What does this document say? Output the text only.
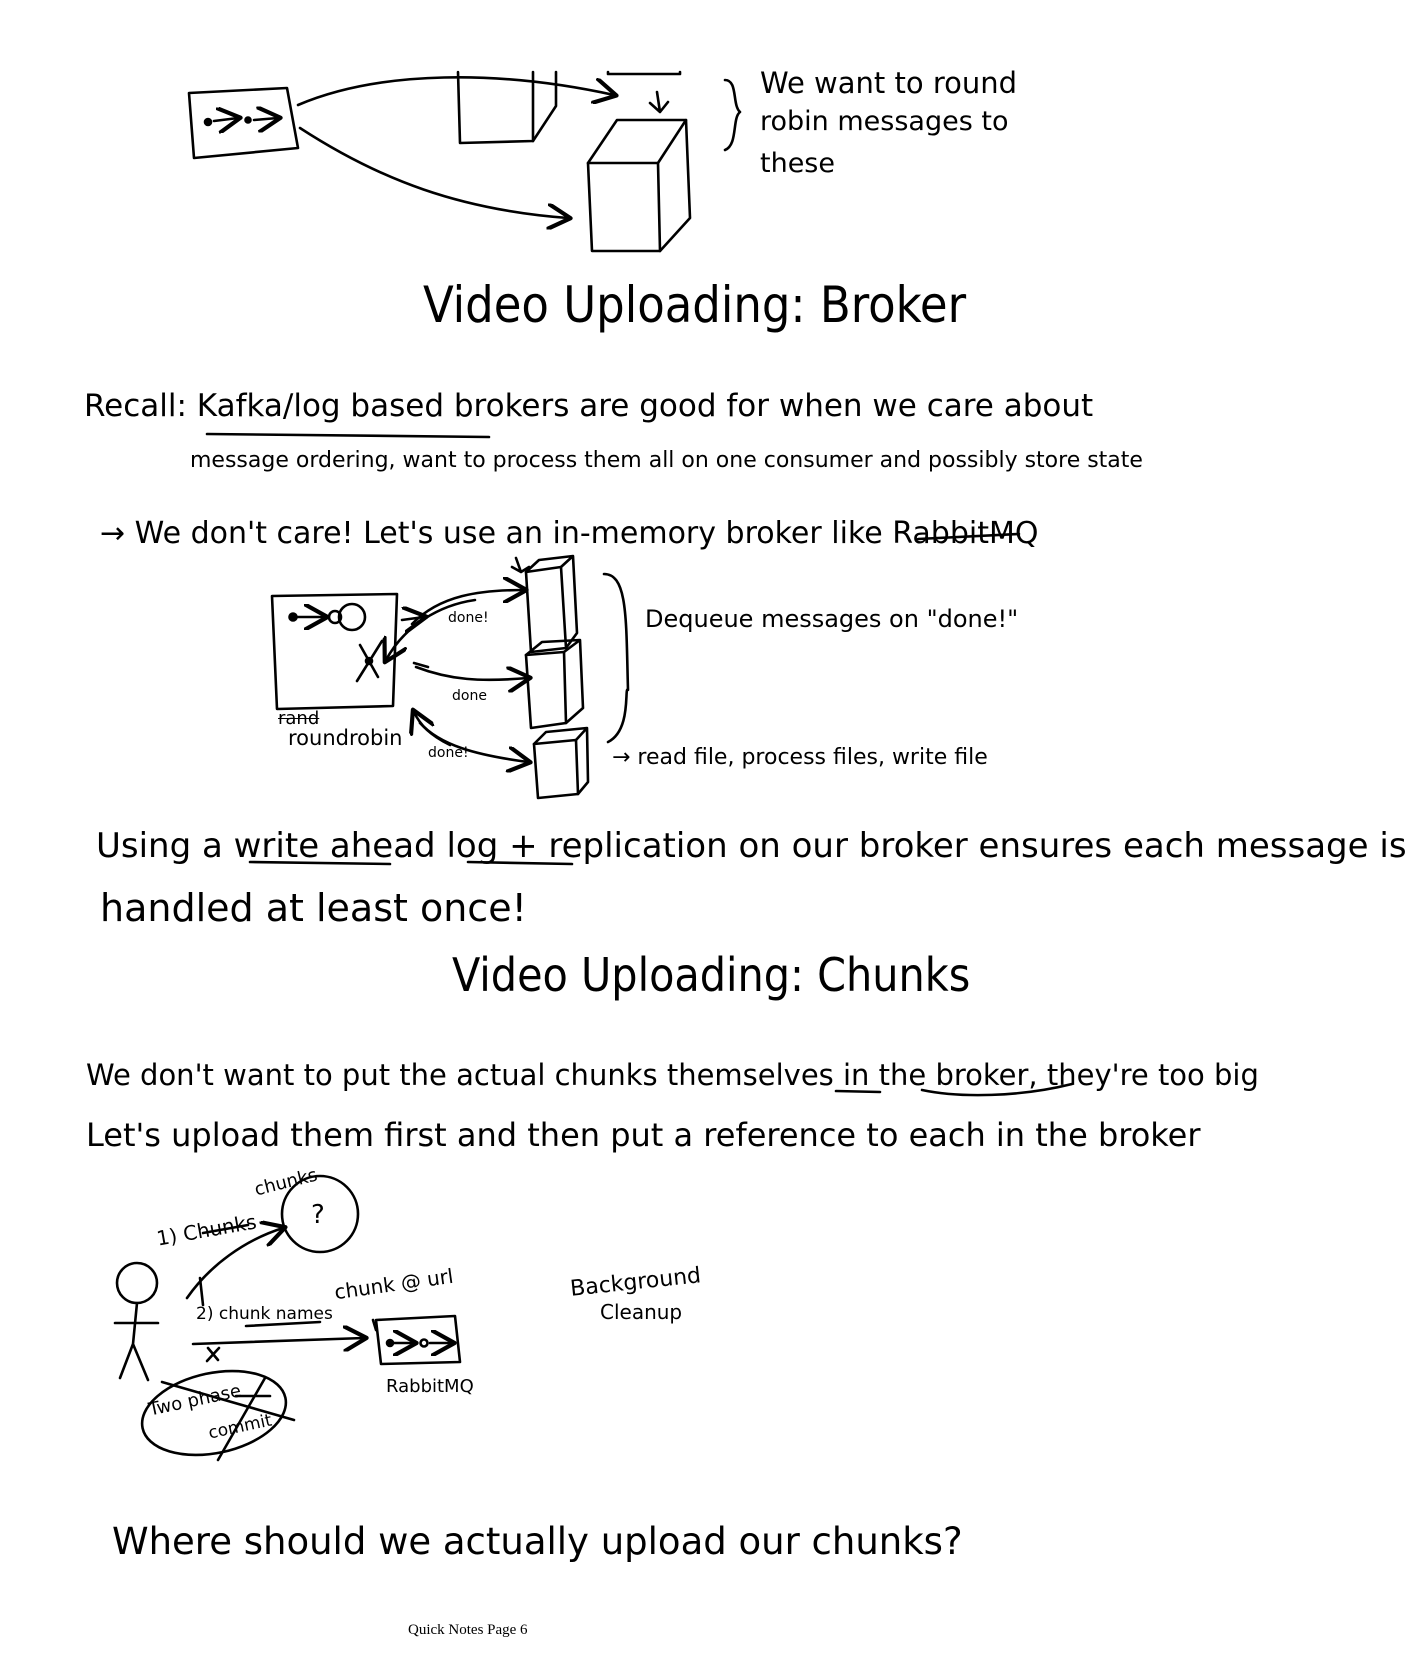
We want to round
robin messages to
these
Video Uploading: Broker
Recall: Kafka/log based brokers are good for when we care about
message ordering, want to process them all on one consumer and possibly store state
→ We don't care! Let's use an in-memory broker like RabbitMQ
Dequeue messages on "done!"
done!
done
done!
rand
roundrobin
→ read file, process files, write file
Using a write ahead log + replication on our broker ensures each message is
handled at least once!
Video Uploading: Chunks
We don't want to put the actual chunks themselves in the broker, they're too big
Let's upload them first and then put a reference to each in the broker
chunks
1) Chunks ?
chunk @ url
2) chunk names
RabbitMQ
Two phase
commit
Background
Cleanup
Where should we actually upload our chunks?
Quick Notes Page 6
